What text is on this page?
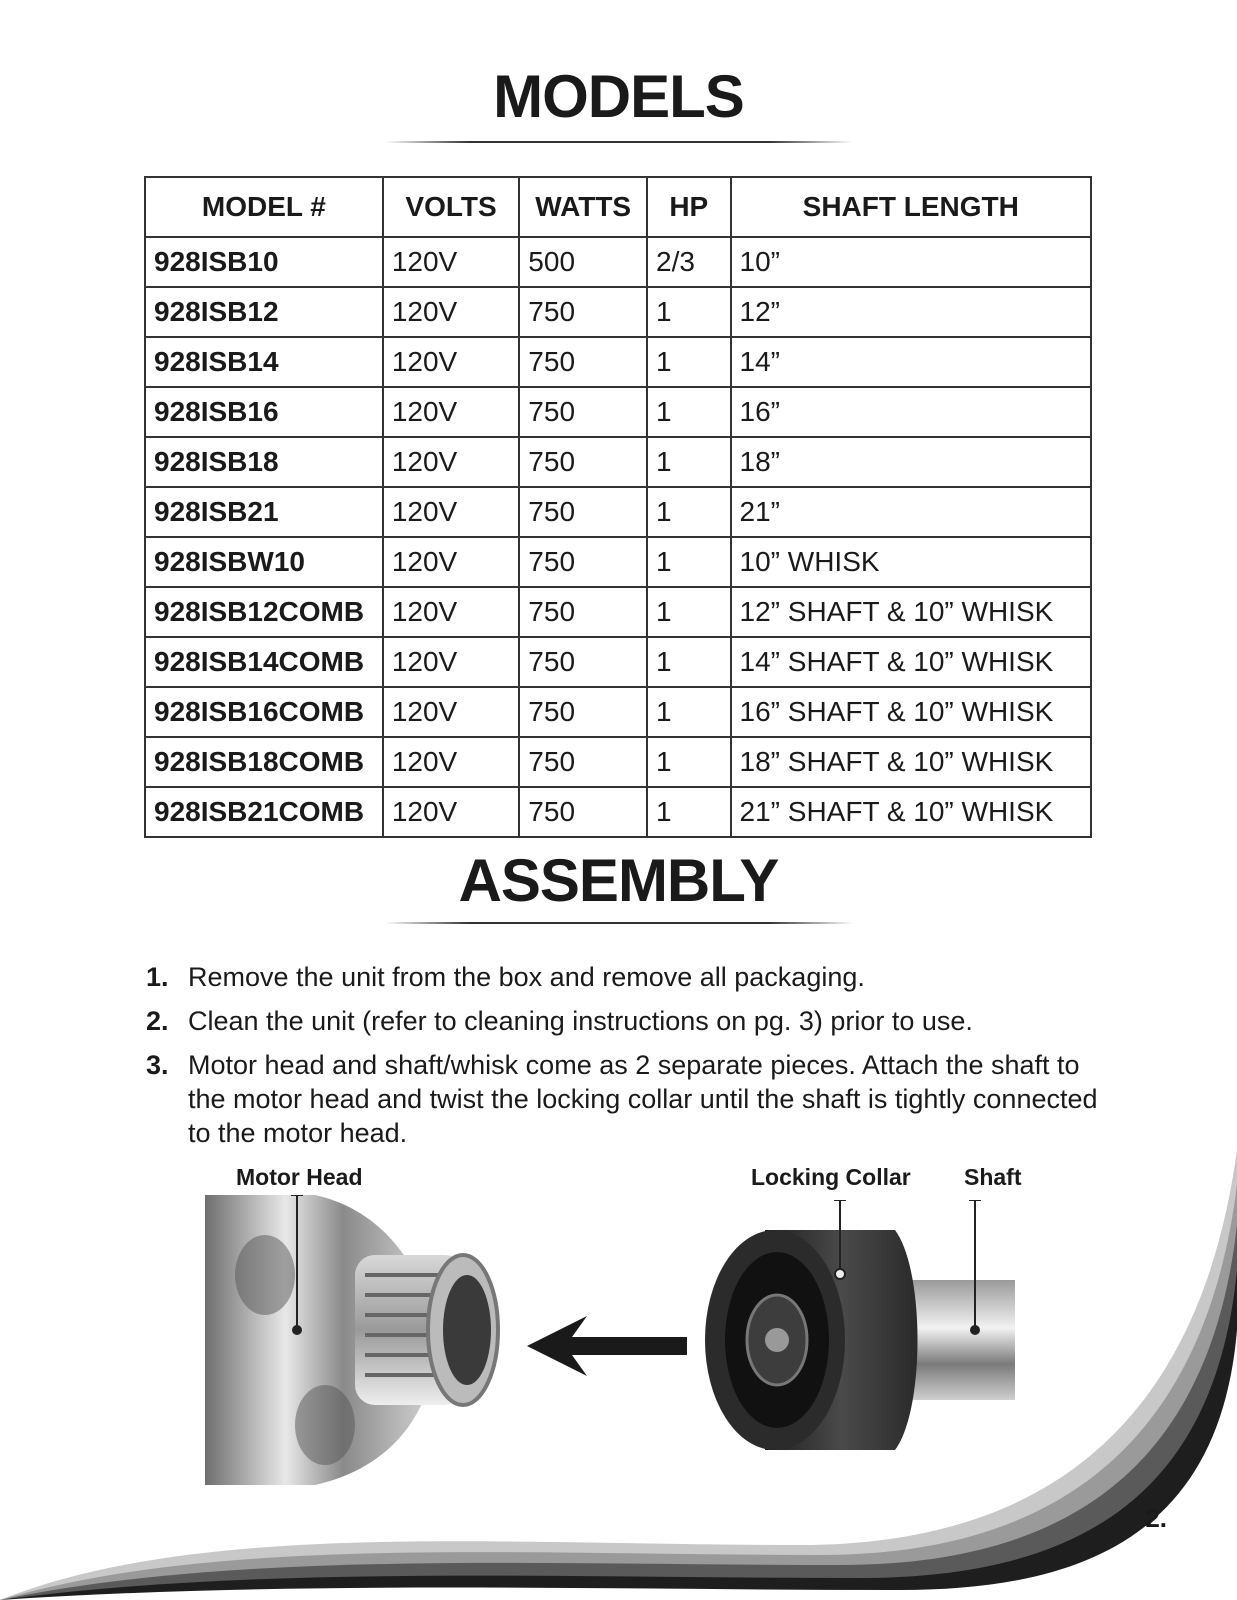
MODELS
MODEL #	VOLTS	WATTS	HP	SHAFT LENGTH
928ISB10	120V	500	2/3	10”
928ISB12	120V	750	1	12”
928ISB14	120V	750	1	14”
928ISB16	120V	750	1	16”
928ISB18	120V	750	1	18”
928ISB21	120V	750	1	21”
928ISBW10	120V	750	1	10” WHISK
928ISB12COMB	120V	750	1	12” SHAFT & 10” WHISK
928ISB14COMB	120V	750	1	14” SHAFT & 10” WHISK
928ISB16COMB	120V	750	1	16” SHAFT & 10” WHISK
928ISB18COMB	120V	750	1	18” SHAFT & 10” WHISK
928ISB21COMB	120V	750	1	21” SHAFT & 10” WHISK
ASSEMBLY
1. Remove the unit from the box and remove all packaging.
2. Clean the unit (refer to cleaning instructions on pg. 3) prior to use.
3. Motor head and shaft/whisk come as 2 separate pieces. Attach the shaft to the motor head and twist the locking collar until the shaft is tightly connected to the motor head.
Motor Head	Locking Collar Shaft
2.
